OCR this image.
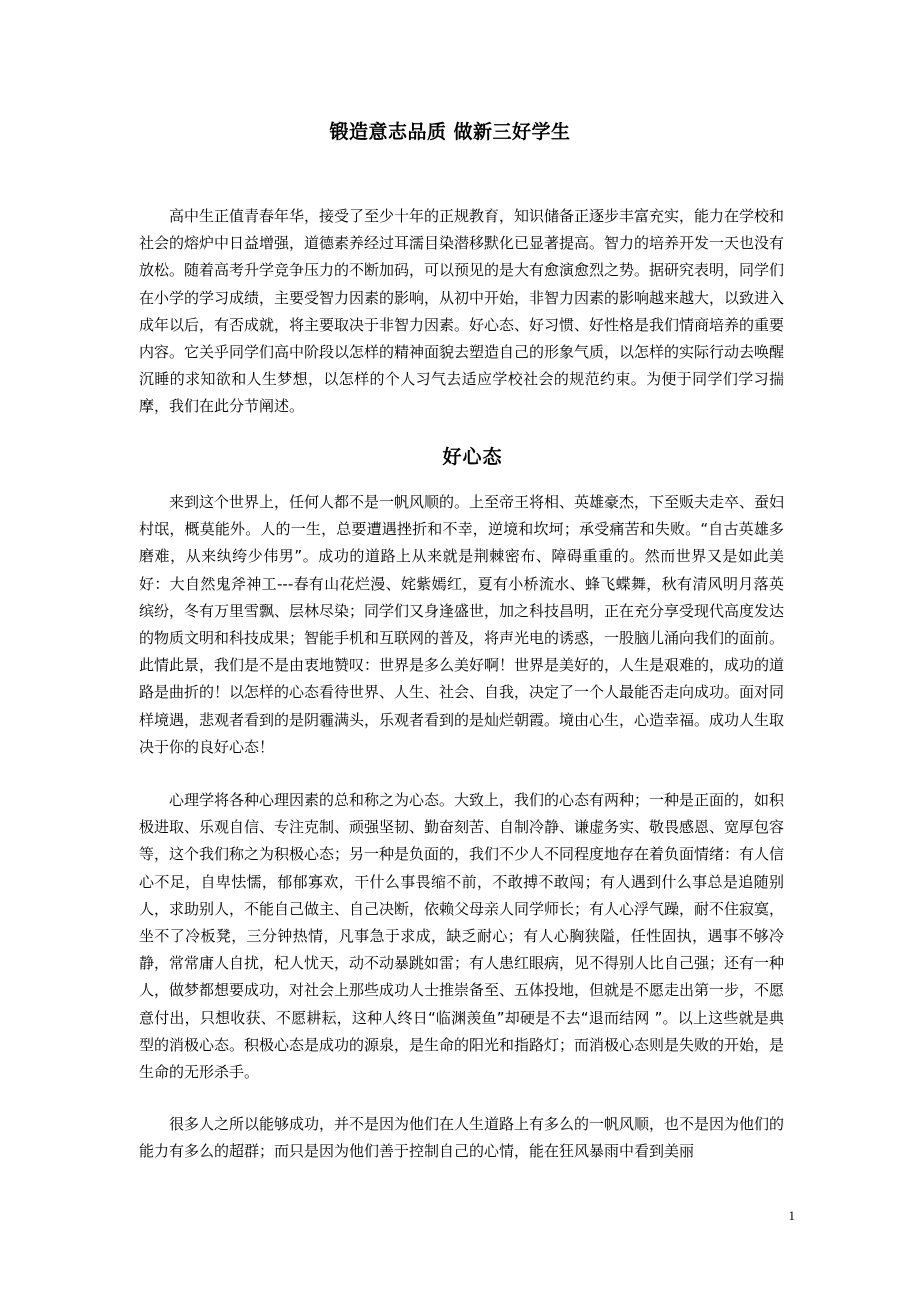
锻造意志品质 做新三好学生

高中生正值青春年华，接受了至少十年的正规教育，知识储备正逐步丰富充实，能力在学校和社会的熔炉中日益增强，道德素养经过耳濡目染潜移默化已显著提高。智力的培养开发一天也没有放松。随着高考升学竞争压力的不断加码，可以预见的是大有愈演愈烈之势。据研究表明，同学们在小学的学习成绩，主要受智力因素的影响，从初中开始，非智力因素的影响越来越大，以致进入成年以后，有否成就，将主要取决于非智力因素。好心态、好习惯、好性格是我们情商培养的重要内容。它关乎同学们高中阶段以怎样的精神面貌去塑造自己的形象气质，以怎样的实际行动去唤醒沉睡的求知欲和人生梦想，以怎样的个人习气去适应学校社会的规范约束。为便于同学们学习揣摩，我们在此分节阐述。

好心态

来到这个世界上，任何人都不是一帆风顺的。上至帝王将相、英雄豪杰，下至贩夫走卒、蚕妇村氓，概莫能外。人的一生，总要遭遇挫折和不幸，逆境和坎坷；承受痛苦和失败。“自古英雄多磨难，从来纨绔少伟男”。成功的道路上从来就是荆棘密布、障碍重重的。然而世界又是如此美好：大自然鬼斧神工---春有山花烂漫、姹紫嫣红，夏有小桥流水、蜂飞蝶舞，秋有清风明月落英缤纷，冬有万里雪飘、层林尽染；同学们又身逢盛世，加之科技昌明，正在充分享受现代高度发达的物质文明和科技成果；智能手机和互联网的普及，将声光电的诱惑，一股脑儿涌向我们的面前。此情此景，我们是不是由衷地赞叹：世界是多么美好啊！世界是美好的，人生是艰难的，成功的道路是曲折的！以怎样的心态看待世界、人生、社会、自我，决定了一个人最能否走向成功。面对同样境遇，悲观者看到的是阴霾满头，乐观者看到的是灿烂朝霞。境由心生，心造幸福。成功人生取决于你的良好心态！

心理学将各种心理因素的总和称之为心态。大致上，我们的心态有两种；一种是正面的，如积极进取、乐观自信、专注克制、顽强坚韧、勤奋刻苦、自制冷静、谦虚务实、敬畏感恩、宽厚包容等，这个我们称之为积极心态；另一种是负面的，我们不少人不同程度地存在着负面情绪：有人信心不足，自卑怯懦，郁郁寡欢，干什么事畏缩不前，不敢搏不敢闯；有人遇到什么事总是追随别人，求助别人，不能自己做主、自己决断，依赖父母亲人同学师长；有人心浮气躁，耐不住寂寞，坐不了冷板凳，三分钟热情，凡事急于求成，缺乏耐心；有人心胸狭隘，任性固执，遇事不够冷静，常常庸人自扰，杞人忧天，动不动暴跳如雷；有人患红眼病，见不得别人比自己强；还有一种人，做梦都想要成功，对社会上那些成功人士推崇备至、五体投地，但就是不愿走出第一步，不愿意付出，只想收获、不愿耕耘，这种人终日“临渊羡鱼”却硬是不去“退而结网 ”。以上这些就是典型的消极心态。积极心态是成功的源泉，是生命的阳光和指路灯；而消极心态则是失败的开始，是生命的无形杀手。

很多人之所以能够成功，并不是因为他们在人生道路上有多么的一帆风顺，也不是因为他们的能力有多么的超群；而只是因为他们善于控制自己的心情，能在狂风暴雨中看到美丽

1
